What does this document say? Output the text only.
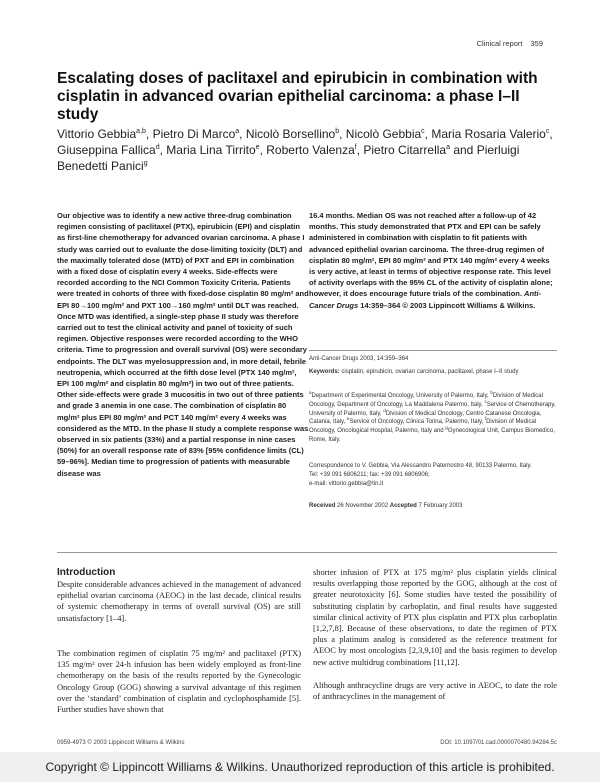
Clinical report 359
Escalating doses of paclitaxel and epirubicin in combination with cisplatin in advanced ovarian epithelial carcinoma: a phase I–II study
Vittorio Gebbia$^{a,b}$, Pietro Di Marco$^a$, Nicolò Borsellino$^b$, Nicolò Gebbia$^c$, Maria Rosaria Valerio$^c$, Giuseppina Fallica$^d$, Maria Lina Tirrito$^e$, Roberto Valenza$^f$, Pietro Citarrella$^a$ and Pierluigi Benedetti Panici$^g$

Our objective was to identify a new active three-drug combination regimen consisting of paclitaxel (PTX), epirubicin (EPI) and cisplatin as first-line chemotherapy for advanced ovarian carcinoma. A phase I study was carried out to evaluate the dose-limiting toxicity (DLT) and the maximally tolerated dose (MTD) of PXT and EPI in combination with a fixed dose of cisplatin every 4 weeks. Side-effects were recorded according to the NCI Common Toxicity Criteria. Patients were treated in cohorts of three with fixed-dose cisplatin 80 mg/m² and EPI 80→100 mg/m² and PXT 100→160 mg/m² until DLT was reached. Once MTD was identified, a single-step phase II study was therefore carried out to test the clinical activity and panel of toxicity of such regimen. Objective responses were recorded according to the WHO criteria. Time to progression and overall survival (OS) were secondary endpoints. The DLT was myelosuppression and, in more detail, febrile neutropenia, which occurred at the fifth dose level (PTX 140 mg/m², EPI 100 mg/m² and cisplatin 80 mg/m²) in two out of three patients. Other side-effects were grade 3 mucositis in two out of three patients and grade 3 anemia in one case. The combination of cisplatin 80 mg/m² plus EPI 80 mg/m² and PCT 140 mg/m² every 4 weeks was considered as the MTD. In the phase II study a complete response was observed in six patients (33%) and a partial response in nine cases (50%) for an overall response rate of 83% [95% confidence limits (CL) 59–96%]. Median time to progression of patients with measurable disease was

16.4 months. Median OS was not reached after a follow-up of 42 months. This study demonstrated that PTX and EPI can be safely administered in combination with cisplatin to fit patients with advanced epithelial ovarian carcinoma. The three-drug regimen of cisplatin 80 mg/m², EPI 80 mg/m² and PTX 140 mg/m² every 4 weeks is very active, at least in terms of objective response rate. This level of activity overlaps with the 95% CL of the activity of cisplatin alone; however, it does encourage future trials of the combination. Anti-Cancer Drugs 14:359–364 © 2003 Lippincott Williams & Wilkins.

Anti-Cancer Drugs 2003, 14:359–364
Keywords: cisplatin, epirubicin, ovarian carcinoma, paclitaxel, phase I–II study
$^a$Department of Experimental Oncology, University of Palermo, Italy, $^b$Division of Medical Oncology, Department of Oncology, La Maddalena Palermo, Italy, $^c$Service of Chemotherapy, University of Palermo, Italy, $^d$Division of Medical Oncology, Centro Catanese Oncologia, Catania, Italy, $^e$Service of Oncology, Clinica Torina, Palermo, Italy, $^f$Division of Medical Oncology, Oncological Hospital, Palermo, Italy and $^g$Gynecological Unit, Campus Biomedico, Rome, Italy.
Correspondence to V. Gebbia, Via Alessandro Paternostro 48, 90133 Palermo, Italy.
Tel: +39 091 6806211; fax: +39 091 6806906;
e-mail: vittorio.gebbia@tin.it
Received 26 November 2002 Accepted 7 February 2003
Introduction
Despite considerable advances achieved in the management of advanced epithelial ovarian carcinoma (AEOC) in the last decade, clinical results of systemic chemotherapy in terms of overall survival (OS) are still unsatisfactory [1–4].
The combination regimen of cisplatin 75 mg/m² and paclitaxel (PTX) 135 mg/m² over 24-h infusion has been widely employed as front-line chemotherapy on the basis of the results reported by the Gynecologic Oncology Group (GOG) showing a survival advantage of this regimen over the ‘standard’ combination of cisplatin and cyclophosphamide [5]. Further studies have shown that
shorter infusion of PTX at 175 mg/m² plus cisplatin yields clinical results overlapping those reported by the GOG, although at the cost of greater neurotoxicity [6]. Some studies have tested the possibility of substituting cisplatin by carboplatin, and final results have suggested similar clinical activity of PTX plus cisplatin and PTX plus carboplatin [1,2,7,8]. Because of these observations, to date the regimen of PTX plus a platinum analog is considered as the reference treatment for AEOC by most oncologists [2,3,9,10] and the basis regimen to develop new active multidrug combinations [11,12].
Although anthracycline drugs are very active in AEOC, to date the role of anthracyclines in the management of
0959-4973 © 2003 Lippincott Williams & Wilkins	DOI: 10.1097/01.cad.0000070480.94284.5c
Copyright © Lippincott Williams & Wilkins. Unauthorized reproduction of this article is prohibited.
